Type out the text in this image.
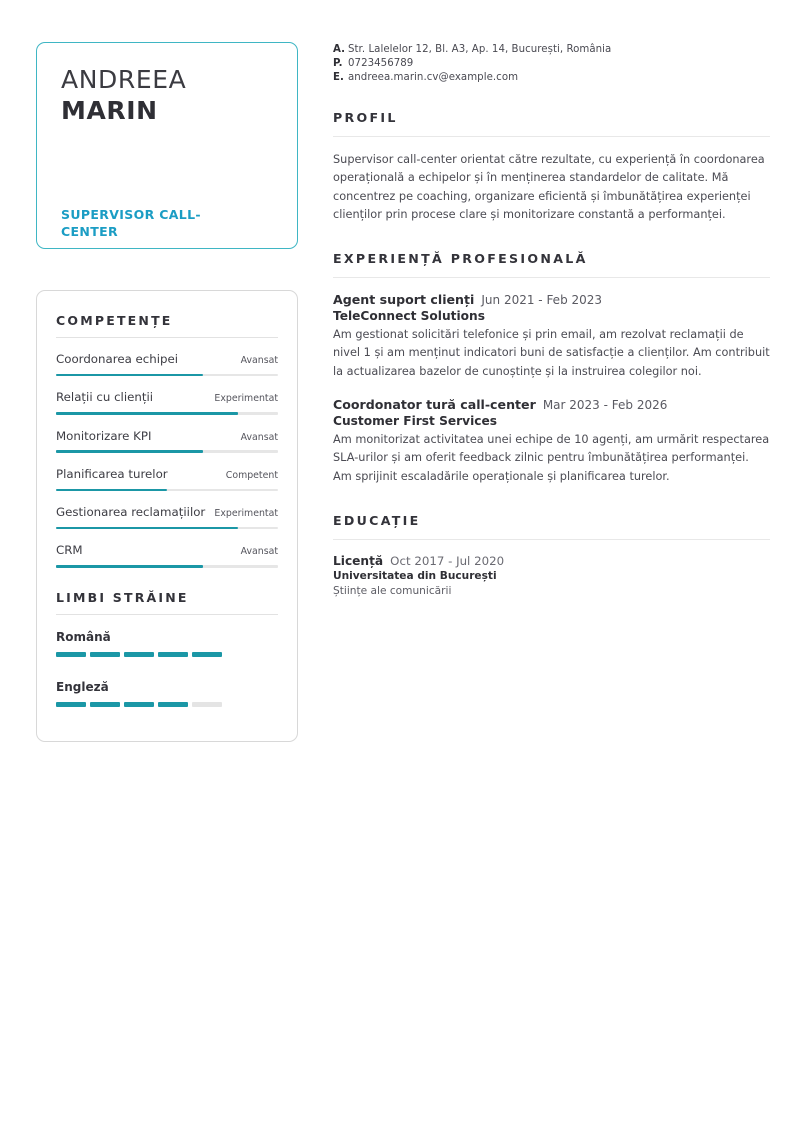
ANDREEA
MARIN
SUPERVISOR CALL-CENTER
COMPETENȚE
Coordonarea echipei	Avansat
Relații cu clienții	Experimentat
Monitorizare KPI	Avansat
Planificarea turelor	Competent
Gestionarea reclamațiilor Experimentat
CRM	Avansat
LIMBI STRĂINE
Română
Engleză
A. Str. Lalelelor 12, Bl. A3, Ap. 14, București, România
P. 0723456789
E. andreea.marin.cv@example.com
PROFIL

Supervisor call-center orientat către rezultate, cu experiență în coordonarea operațională a echipelor și în menținerea standardelor de calitate. Mă concentrez pe coaching, organizare eficientă și îmbunătățirea experienței clienților prin procese clare și monitorizare constantă a performanței.

EXPERIENȚĂ PROFESIONALĂ
Agent suport clienți Jun 2021 - Feb 2023
TeleConnect Solutions

Am gestionat solicitări telefonice și prin email, am rezolvat reclamații de nivel 1 și am menținut indicatori buni de satisfacție a clienților. Am contribuit la actualizarea bazelor de cunoștințe și la instruirea colegilor noi.

Coordonator tură call-center Mar 2023 - Feb 2026
Customer First Services

Am monitorizat activitatea unei echipe de 10 agenți, am urmărit respectarea SLA-urilor și am oferit feedback zilnic pentru îmbunătățirea performanței. Am sprijinit escaladările operaționale și planificarea turelor.

EDUCAȚIE
Licență Oct 2017 - Jul 2020
Universitatea din București
Științe ale comunicării
